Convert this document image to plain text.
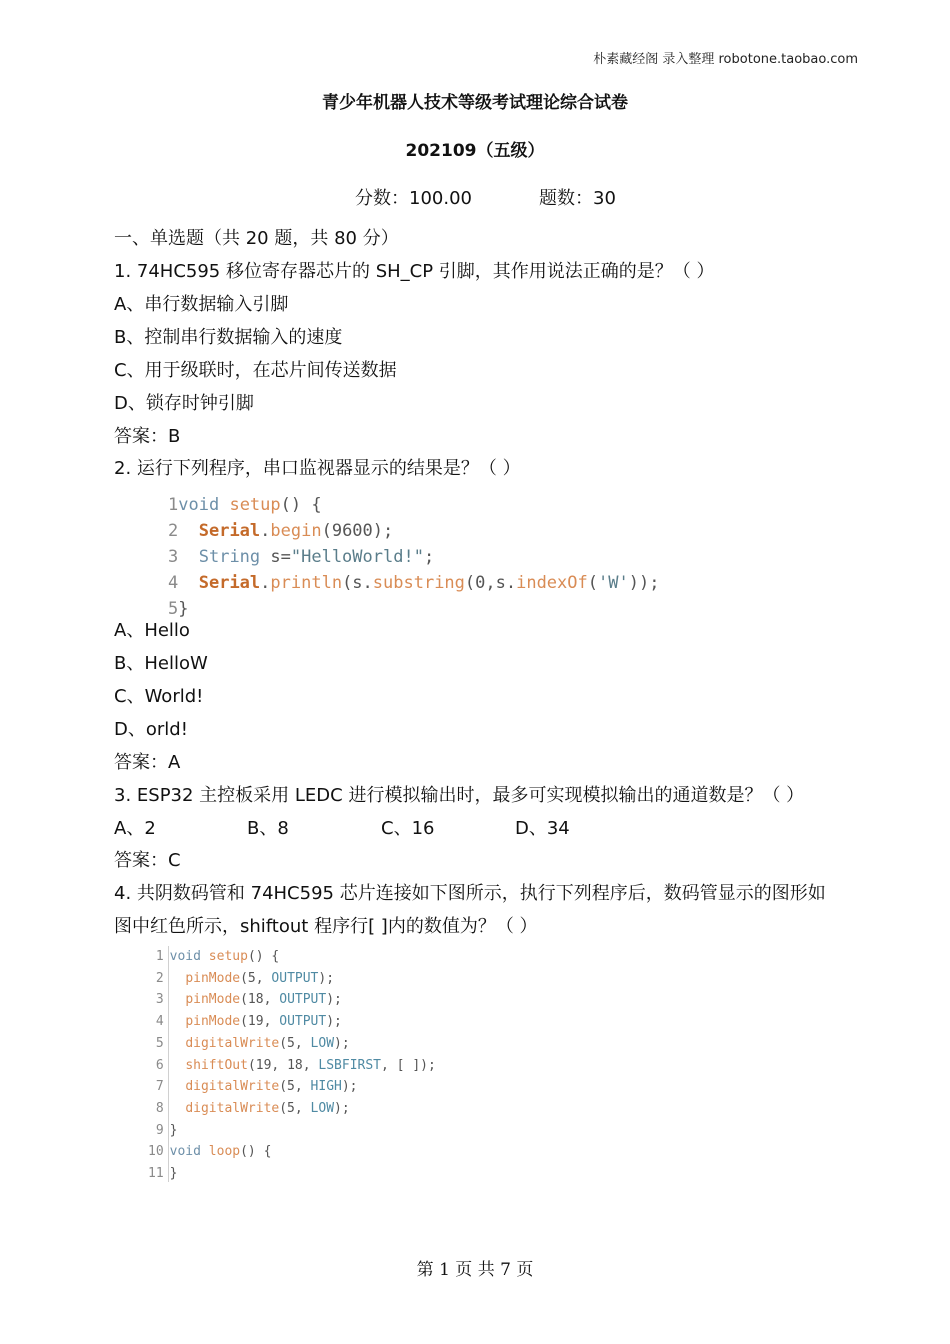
朴素藏经阁 录入整理 robotone.taobao.com
青少年机器人技术等级考试理论综合试卷
202109（五级）
分数：100.00	题数：30
一、单选题（共 20 题，共 80 分）
1. 74HC595 移位寄存器芯片的 SH_CP 引脚，其作用说法正确的是？（ ）
A、串行数据输入引脚
B、控制串行数据输入的速度
C、用于级联时，在芯片间传送数据
D、锁存时钟引脚
答案：B
2. 运行下列程序，串口监视器显示的结果是？（ ）
1void setup() {
2 Serial.begin(9600);
3 String s="HelloWorld!";
4 Serial.println(s.substring(0,s.indexOf('W'));
5}
A、Hello
B、HelloW
C、World!
D、orld!
答案：A
3. ESP32 主控板采用 LEDC 进行模拟输出时，最多可实现模拟输出的通道数是？（ ）
A、2	B、8	C、16	D、34
答案：C
4. 共阴数码管和 74HC595 芯片连接如下图所示，执行下列程序后，数码管显示的图形如
图中红色所示，shiftout 程序行[ ]内的数值为？（ ）
1 void setup() {
2 pinMode(5, OUTPUT);
3 pinMode(18, OUTPUT);
4 pinMode(19, OUTPUT);
5 digitalWrite(5, LOW);
6 shiftOut(19, 18, LSBFIRST, [ ]);
7 digitalWrite(5, HIGH);
8 digitalWrite(5, LOW);
9 }
10 void loop() {
11 }
第 1 页 共 7 页
